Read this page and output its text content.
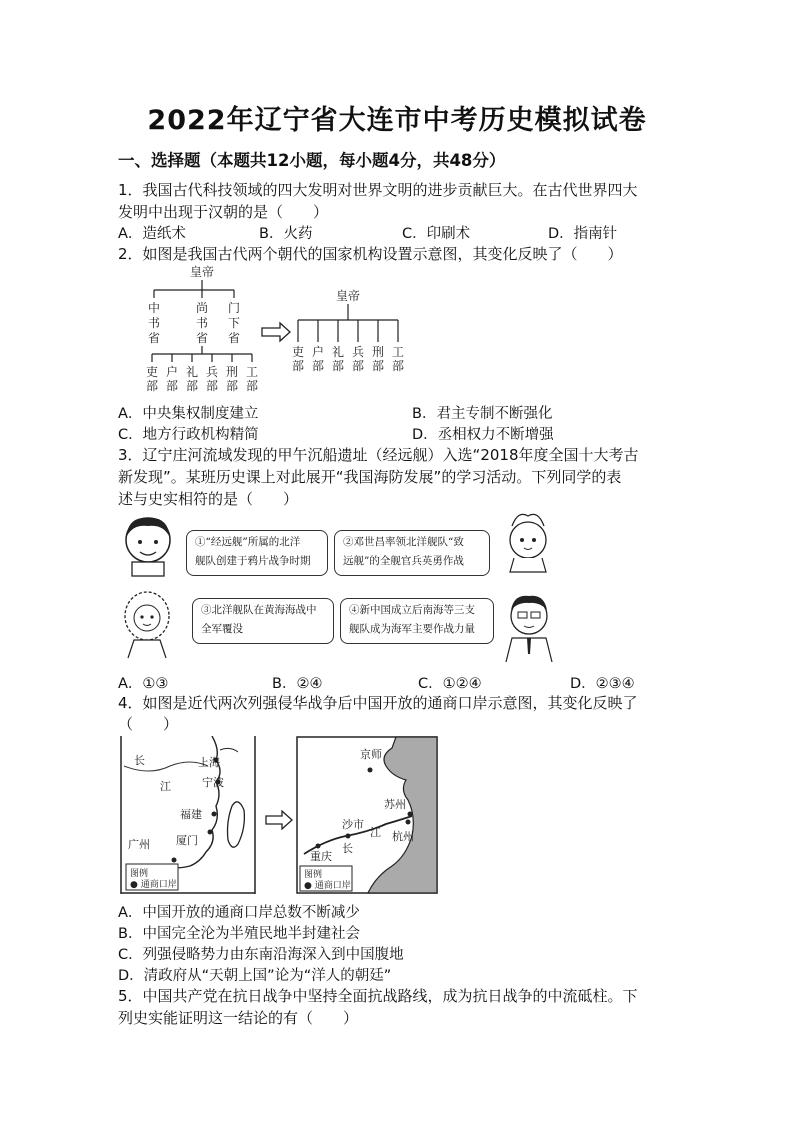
2022年辽宁省大连市中考历史模拟试卷
一、选择题（本题共12小题，每小题4分，共48分）
1．我国古代科技领域的四大发明对世界文明的进步贡献巨大。在古代世界四大
发明中出现于汉朝的是（　　）
A．造纸术	B．火药	C．印刷术	D．指南针
2．如图是我国古代两个朝代的国家机构设置示意图，其变化反映了（　　）
皇帝
中书省
尚书省
门下省
吏部
户部
礼部
兵部
刑部
工部
皇帝
吏部
户部
礼部
兵部
刑部
工部
A．中央集权制度建立	B．君主专制不断强化
C．地方行政机构精简	D．丞相权力不断增强
3．辽宁庄河流域发现的甲午沉船遗址（经远舰）入选“2018年度全国十大考古
新发现”。某班历史课上对此展开“我国海防发展”的学习活动。下列同学的表
述与史实相符的是（　　）
①“经远舰”所属的北洋
舰队创建于鸦片战争时期
②邓世昌率领北洋舰队“致
远舰”的全舰官兵英勇作战
③北洋舰队在黄海海战中
全军覆没
④新中国成立后南海等三支
舰队成为海军主要作战力量
A．①③	B．②④	C．①②④	D．②③④
4．如图是近代两次列强侵华战争后中国开放的通商口岸示意图，其变化反映了
（　　）
长
江
上海
宁波
福建
广州 厦门
图例
● 通商口岸
京师
苏州
沙市
长
江 杭州
重庆
图例
● 通商口岸
A．中国开放的通商口岸总数不断减少
B．中国完全沦为半殖民地半封建社会
C．列强侵略势力由东南沿海深入到中国腹地
D．清政府从“天朝上国”论为“洋人的朝廷”
5．中国共产党在抗日战争中坚持全面抗战路线，成为抗日战争的中流砥柱。下
列史实能证明这一结论的有（　　）
